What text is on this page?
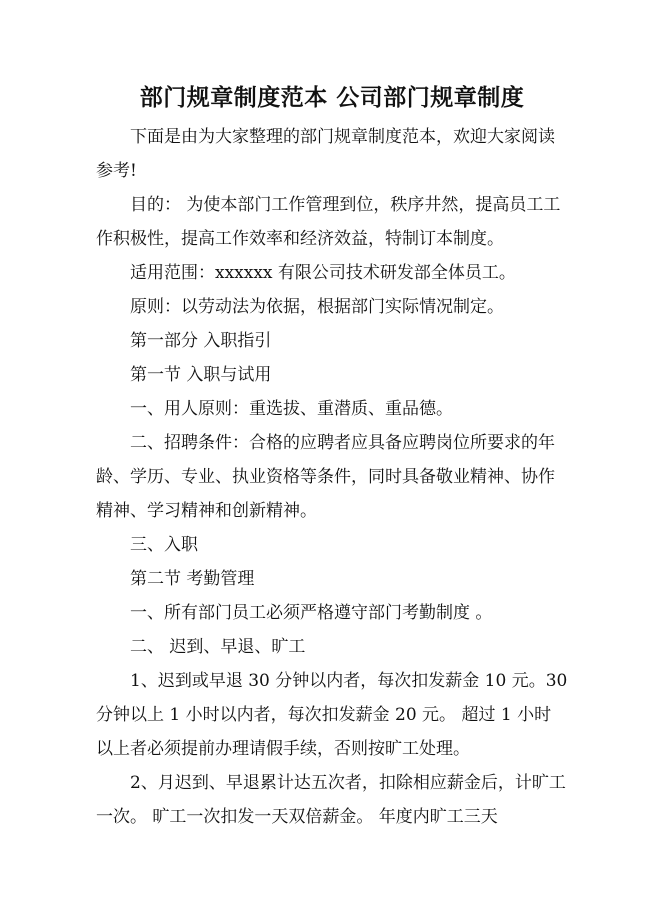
部门规章制度范本 公司部门规章制度

下面是由为大家整理的部门规章制度范本，欢迎大家阅读参考!

目的： 为使本部门工作管理到位，秩序井然，提高员工工作积极性，提高工作效率和经济效益，特制订本制度。

适用范围：xxxxxx 有限公司技术研发部全体员工。

原则：以劳动法为依据，根据部门实际情况制定。

第一部分 入职指引

第一节 入职与试用

一、用人原则：重选拔、重潜质、重品德。

二、招聘条件：合格的应聘者应具备应聘岗位所要求的年龄、学历、专业、执业资格等条件，同时具备敬业精神、协作精神、学习精神和创新精神。

三、入职

第二节 考勤管理

一、所有部门员工必须严格遵守部门考勤制度 。

二、 迟到、早退、旷工

1、迟到或早退 30 分钟以内者，每次扣发薪金 10 元。30 分钟以上 1 小时以内者，每次扣发薪金 20 元。 超过 1 小时以上者必须提前办理请假手续，否则按旷工处理。

2、月迟到、早退累计达五次者，扣除相应薪金后，计旷工一次。 旷工一次扣发一天双倍薪金。 年度内旷工三天
